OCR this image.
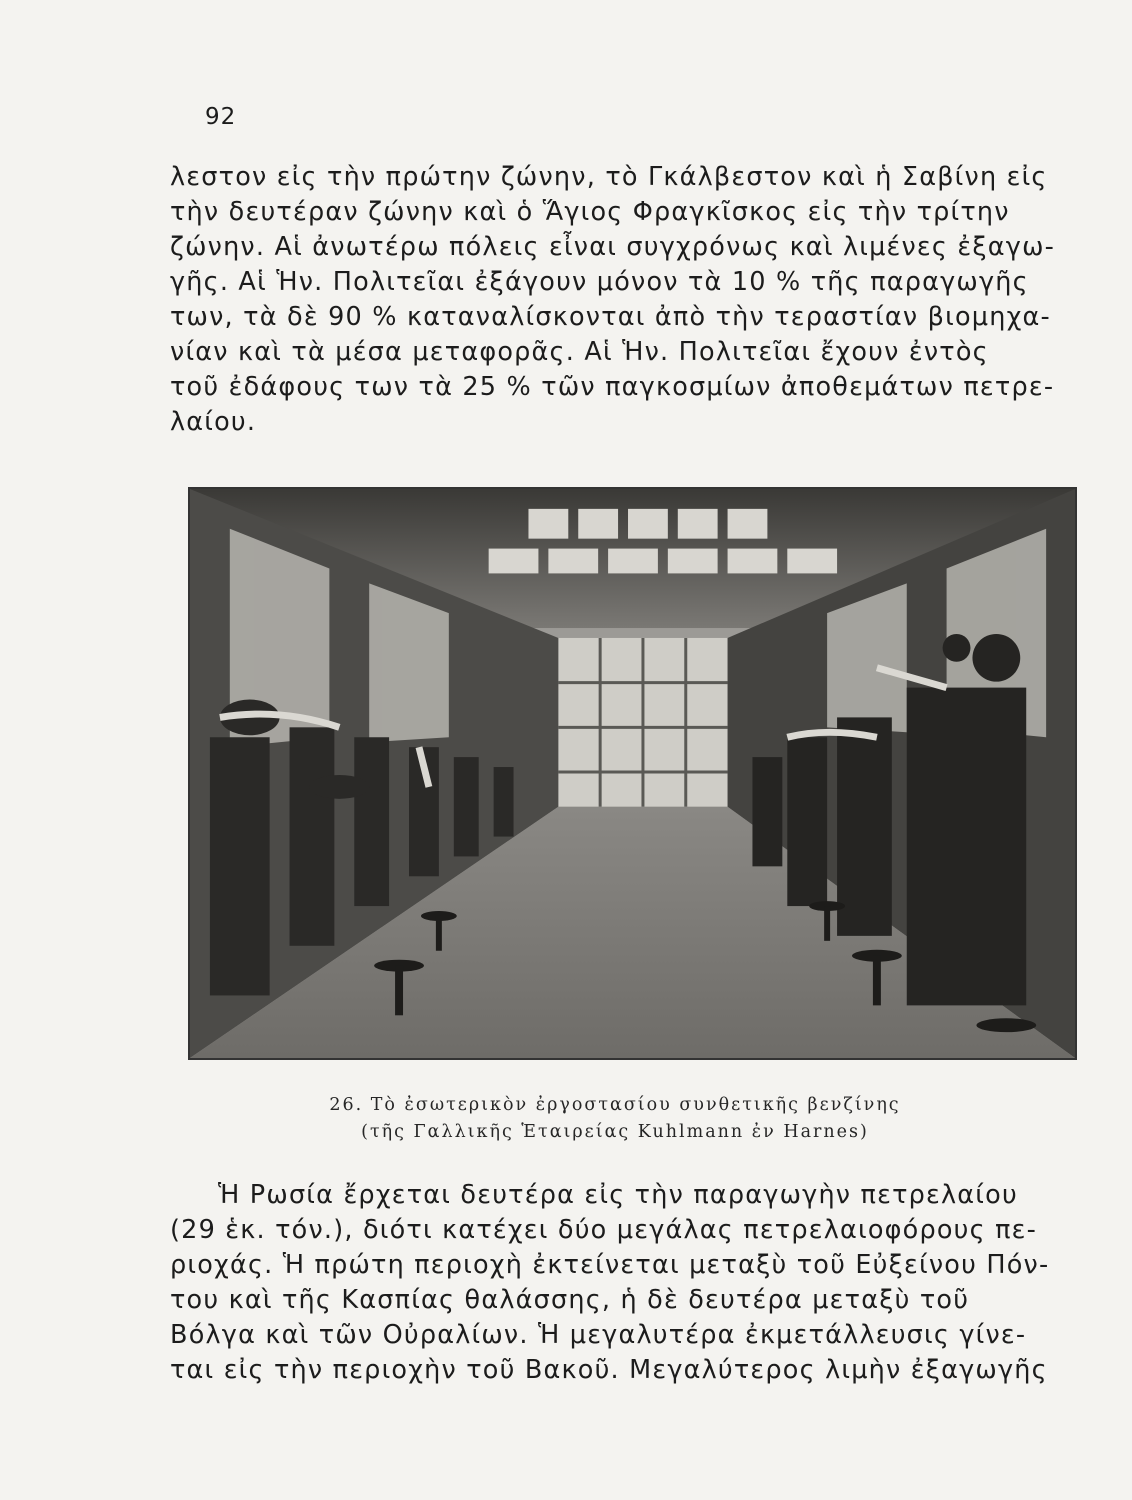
92
λεστον εἰς τὴν πρώτην ζώνην, τὸ Γκάλβεστον καὶ ἡ Σαβίνη εἰς
τὴν δευτέραν ζώνην καὶ ὁ Ἅγιος Φραγκῖσκος εἰς τὴν τρίτην
ζώνην. Αἱ ἀνωτέρω πόλεις εἶναι συγχρόνως καὶ λιμένες ἐξαγω-
γῆς. Αἱ Ἡν. Πολιτεῖαι ἐξάγουν μόνον τὰ 10 % τῆς παραγωγῆς
των, τὰ δὲ 90 % καταναλίσκονται ἀπὸ τὴν τεραστίαν βιομηχα-
νίαν καὶ τὰ μέσα μεταφορᾶς. Αἱ Ἡν. Πολιτεῖαι ἔχουν ἐντὸς
τοῦ ἐδάφους των τὰ 25 % τῶν παγκοσμίων ἀποθεμάτων πετρε-
λαίου.
26. Τὸ ἐσωτερικὸν ἐργοστασίου συνθετικῆς βενζίνης
(τῆς Γαλλικῆς Ἑταιρείας Kuhlmann ἐν Harnes)
Ἡ Ρωσία ἔρχεται δευτέρα εἰς τὴν παραγωγὴν πετρελαίου
(29 ἑκ. τόν.), διότι κατέχει δύο μεγάλας πετρελαιοφόρους πε-
ριοχάς. Ἡ πρώτη περιοχὴ ἐκτείνεται μεταξὺ τοῦ Εὐξείνου Πόν-
του καὶ τῆς Κασπίας θαλάσσης, ἡ δὲ δευτέρα μεταξὺ τοῦ
Βόλγα καὶ τῶν Οὐραλίων. Ἡ μεγαλυτέρα ἐκμετάλλευσις γίνε-
ται εἰς τὴν περιοχὴν τοῦ Βακοῦ. Μεγαλύτερος λιμὴν ἐξαγωγῆς
